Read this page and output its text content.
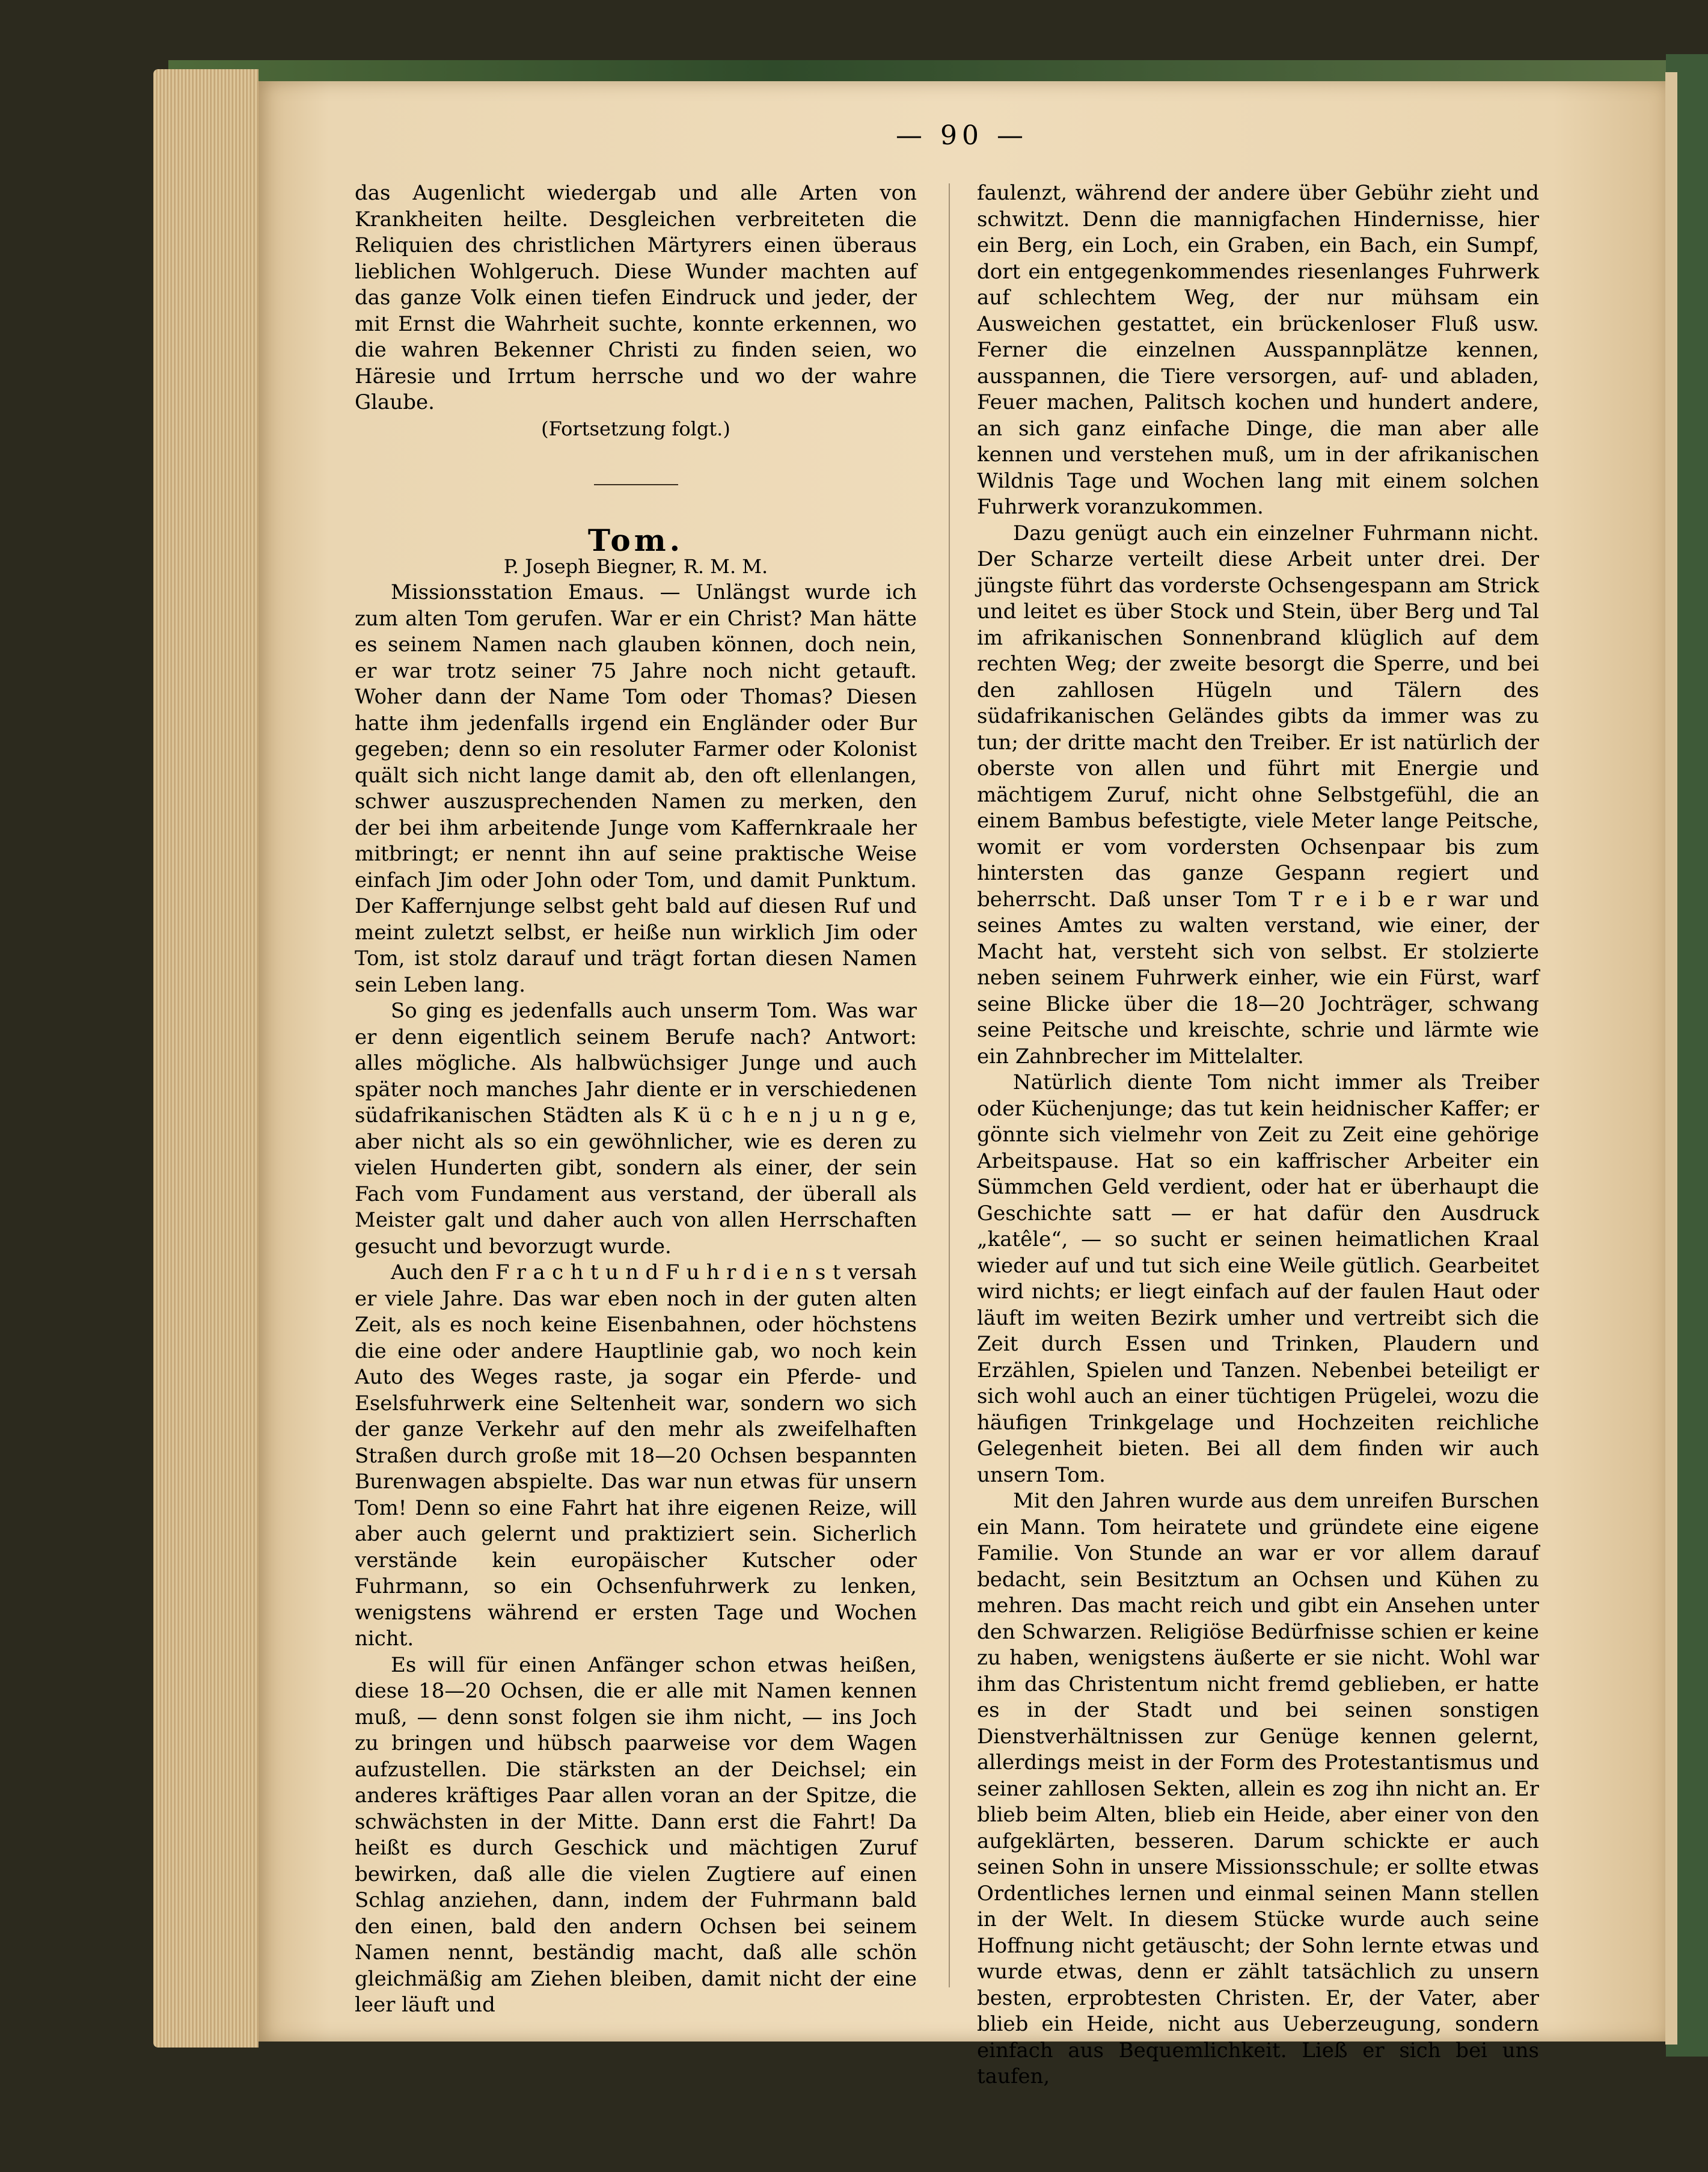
— 90 —

das Augenlicht wiedergab und alle Arten von Krankheiten heilte. Desgleichen verbreiteten die Reliquien des christlichen Märtyrers einen überaus lieblichen Wohlgeruch. Diese Wunder machten auf das ganze Volk einen tiefen Eindruck und jeder, der mit Ernst die Wahrheit suchte, konnte erkennen, wo die wahren Bekenner Christi zu finden seien, wo Häresie und Irrtum herrsche und wo der wahre Glaube.

(Fortsetzung folgt.)

Tom.

P. Joseph Biegner, R. M. M.

Missionsstation Emaus. — Unlängst wurde ich zum alten Tom gerufen. War er ein Christ? Man hätte es seinem Namen nach glauben können, doch nein, er war trotz seiner 75 Jahre noch nicht getauft. Woher dann der Name Tom oder Thomas? Diesen hatte ihm jedenfalls irgend ein Engländer oder Bur gegeben; denn so ein resoluter Farmer oder Kolonist quält sich nicht lange damit ab, den oft ellenlangen, schwer auszusprechenden Namen zu merken, den der bei ihm arbeitende Junge vom Kaffernkraale her mitbringt; er nennt ihn auf seine praktische Weise einfach Jim oder John oder Tom, und damit Punktum. Der Kaffernjunge selbst geht bald auf diesen Ruf und meint zuletzt selbst, er heiße nun wirklich Jim oder Tom, ist stolz darauf und trägt fortan diesen Namen sein Leben lang.

So ging es jedenfalls auch unserm Tom. Was war er denn eigentlich seinem Berufe nach? Antwort: alles mögliche. Als halbwüchsiger Junge und auch später noch manches Jahr diente er in verschiedenen südafrikanischen Städten als K ü c h e n j u n g e, aber nicht als so ein gewöhnlicher, wie es deren zu vielen Hunderten gibt, sondern als einer, der sein Fach vom Fundament aus verstand, der überall als Meister galt und daher auch von allen Herrschaften gesucht und bevorzugt wurde.

Auch den F r a c h t u n d F u h r d i e n s t versah er viele Jahre. Das war eben noch in der guten alten Zeit, als es noch keine Eisenbahnen, oder höchstens die eine oder andere Hauptlinie gab, wo noch kein Auto des Weges raste, ja sogar ein Pferde- und Eselsfuhrwerk eine Seltenheit war, sondern wo sich der ganze Verkehr auf den mehr als zweifelhaften Straßen durch große mit 18—20 Ochsen bespannten Burenwagen abspielte. Das war nun etwas für unsern Tom! Denn so eine Fahrt hat ihre eigenen Reize, will aber auch gelernt und praktiziert sein. Sicherlich verstände kein europäischer Kutscher oder Fuhrmann, so ein Ochsenfuhrwerk zu lenken, wenigstens während er ersten Tage und Wochen nicht.

Es will für einen Anfänger schon etwas heißen, diese 18—20 Ochsen, die er alle mit Namen kennen muß, — denn sonst folgen sie ihm nicht, — ins Joch zu bringen und hübsch paarweise vor dem Wagen aufzustellen. Die stärksten an der Deichsel; ein anderes kräftiges Paar allen voran an der Spitze, die schwächsten in der Mitte. Dann erst die Fahrt! Da heißt es durch Geschick und mächtigen Zuruf bewirken, daß alle die vielen Zugtiere auf einen Schlag anziehen, dann, indem der Fuhrmann bald den einen, bald den andern Ochsen bei seinem Namen nennt, beständig macht, daß alle schön gleichmäßig am Ziehen bleiben, damit nicht der eine leer läuft und

faulenzt, während der andere über Gebühr zieht und schwitzt. Denn die mannigfachen Hindernisse, hier ein Berg, ein Loch, ein Graben, ein Bach, ein Sumpf, dort ein entgegenkommendes riesenlanges Fuhrwerk auf schlechtem Weg, der nur mühsam ein Ausweichen gestattet, ein brückenloser Fluß usw. Ferner die einzelnen Ausspannplätze kennen, ausspannen, die Tiere versorgen, auf- und abladen, Feuer machen, Palitsch kochen und hundert andere, an sich ganz einfache Dinge, die man aber alle kennen und verstehen muß, um in der afrikanischen Wildnis Tage und Wochen lang mit einem solchen Fuhrwerk voranzukommen.

Dazu genügt auch ein einzelner Fuhrmann nicht. Der Scharze verteilt diese Arbeit unter drei. Der jüngste führt das vorderste Ochsengespann am Strick und leitet es über Stock und Stein, über Berg und Tal im afrikanischen Sonnenbrand klüglich auf dem rechten Weg; der zweite besorgt die Sperre, und bei den zahllosen Hügeln und Tälern des südafrikanischen Geländes gibts da immer was zu tun; der dritte macht den Treiber. Er ist natürlich der oberste von allen und führt mit Energie und mächtigem Zuruf, nicht ohne Selbstgefühl, die an einem Bambus befestigte, viele Meter lange Peitsche, womit er vom vordersten Ochsenpaar bis zum hintersten das ganze Gespann regiert und beherrscht. Daß unser Tom T r e i b e r war und seines Amtes zu walten verstand, wie einer, der Macht hat, versteht sich von selbst. Er stolzierte neben seinem Fuhrwerk einher, wie ein Fürst, warf seine Blicke über die 18—20 Jochträger, schwang seine Peitsche und kreischte, schrie und lärmte wie ein Zahnbrecher im Mittelalter.

Natürlich diente Tom nicht immer als Treiber oder Küchenjunge; das tut kein heidnischer Kaffer; er gönnte sich vielmehr von Zeit zu Zeit eine gehörige Arbeitspause. Hat so ein kaffrischer Arbeiter ein Sümmchen Geld verdient, oder hat er überhaupt die Geschichte satt — er hat dafür den Ausdruck „katêle“, — so sucht er seinen heimatlichen Kraal wieder auf und tut sich eine Weile gütlich. Gearbeitet wird nichts; er liegt einfach auf der faulen Haut oder läuft im weiten Bezirk umher und vertreibt sich die Zeit durch Essen und Trinken, Plaudern und Erzählen, Spielen und Tanzen. Nebenbei beteiligt er sich wohl auch an einer tüchtigen Prügelei, wozu die häufigen Trinkgelage und Hochzeiten reichliche Gelegenheit bieten. Bei all dem finden wir auch unsern Tom.

Mit den Jahren wurde aus dem unreifen Burschen ein Mann. Tom heiratete und gründete eine eigene Familie. Von Stunde an war er vor allem darauf bedacht, sein Besitztum an Ochsen und Kühen zu mehren. Das macht reich und gibt ein Ansehen unter den Schwarzen. Religiöse Bedürfnisse schien er keine zu haben, wenigstens äußerte er sie nicht. Wohl war ihm das Christentum nicht fremd geblieben, er hatte es in der Stadt und bei seinen sonstigen Dienstverhältnissen zur Genüge kennen gelernt, allerdings meist in der Form des Protestantismus und seiner zahllosen Sekten, allein es zog ihn nicht an. Er blieb beim Alten, blieb ein Heide, aber einer von den aufgeklärten, besseren. Darum schickte er auch seinen Sohn in unsere Missionsschule; er sollte etwas Ordentliches lernen und einmal seinen Mann stellen in der Welt. In diesem Stücke wurde auch seine Hoffnung nicht getäuscht; der Sohn lernte etwas und wurde etwas, denn er zählt tatsächlich zu unsern besten, erprobtesten Christen. Er, der Vater, aber blieb ein Heide, nicht aus Ueberzeugung, sondern einfach aus Bequemlichkeit. Ließ er sich bei uns taufen,
